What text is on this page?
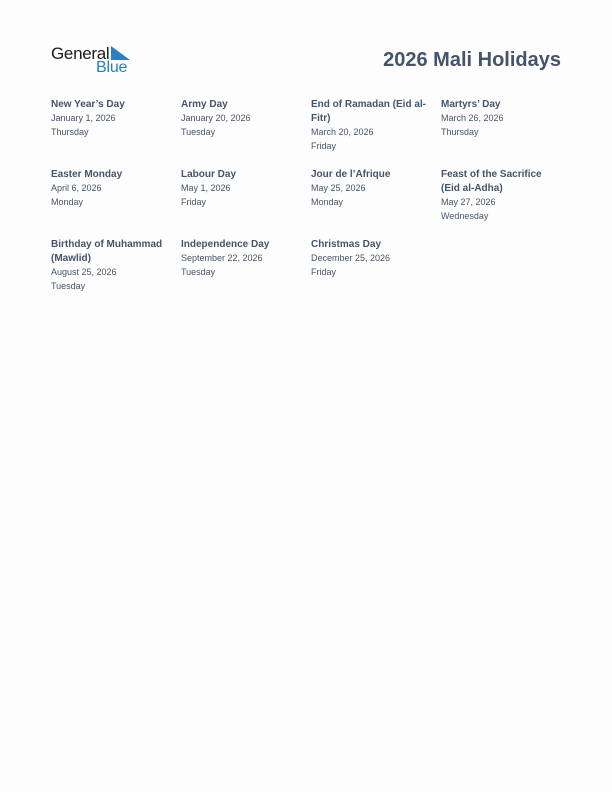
General
Blue	2026 Mali Holidays
New Year’s Day
January 1, 2026
Thursday
Army Day
January 20, 2026
Tuesday
End of Ramadan (Eid al-Fitr)
March 20, 2026
Friday
Martyrs’ Day
March 26, 2026
Thursday
Easter Monday
April 6, 2026
Monday
Labour Day
May 1, 2026
Friday
Jour de l’Afrique
May 25, 2026
Monday
Feast of the Sacrifice (Eid al-Adha)
May 27, 2026
Wednesday
Birthday of Muhammad (Mawlid)
August 25, 2026
Tuesday
Independence Day
September 22, 2026
Tuesday
Christmas Day
December 25, 2026
Friday
